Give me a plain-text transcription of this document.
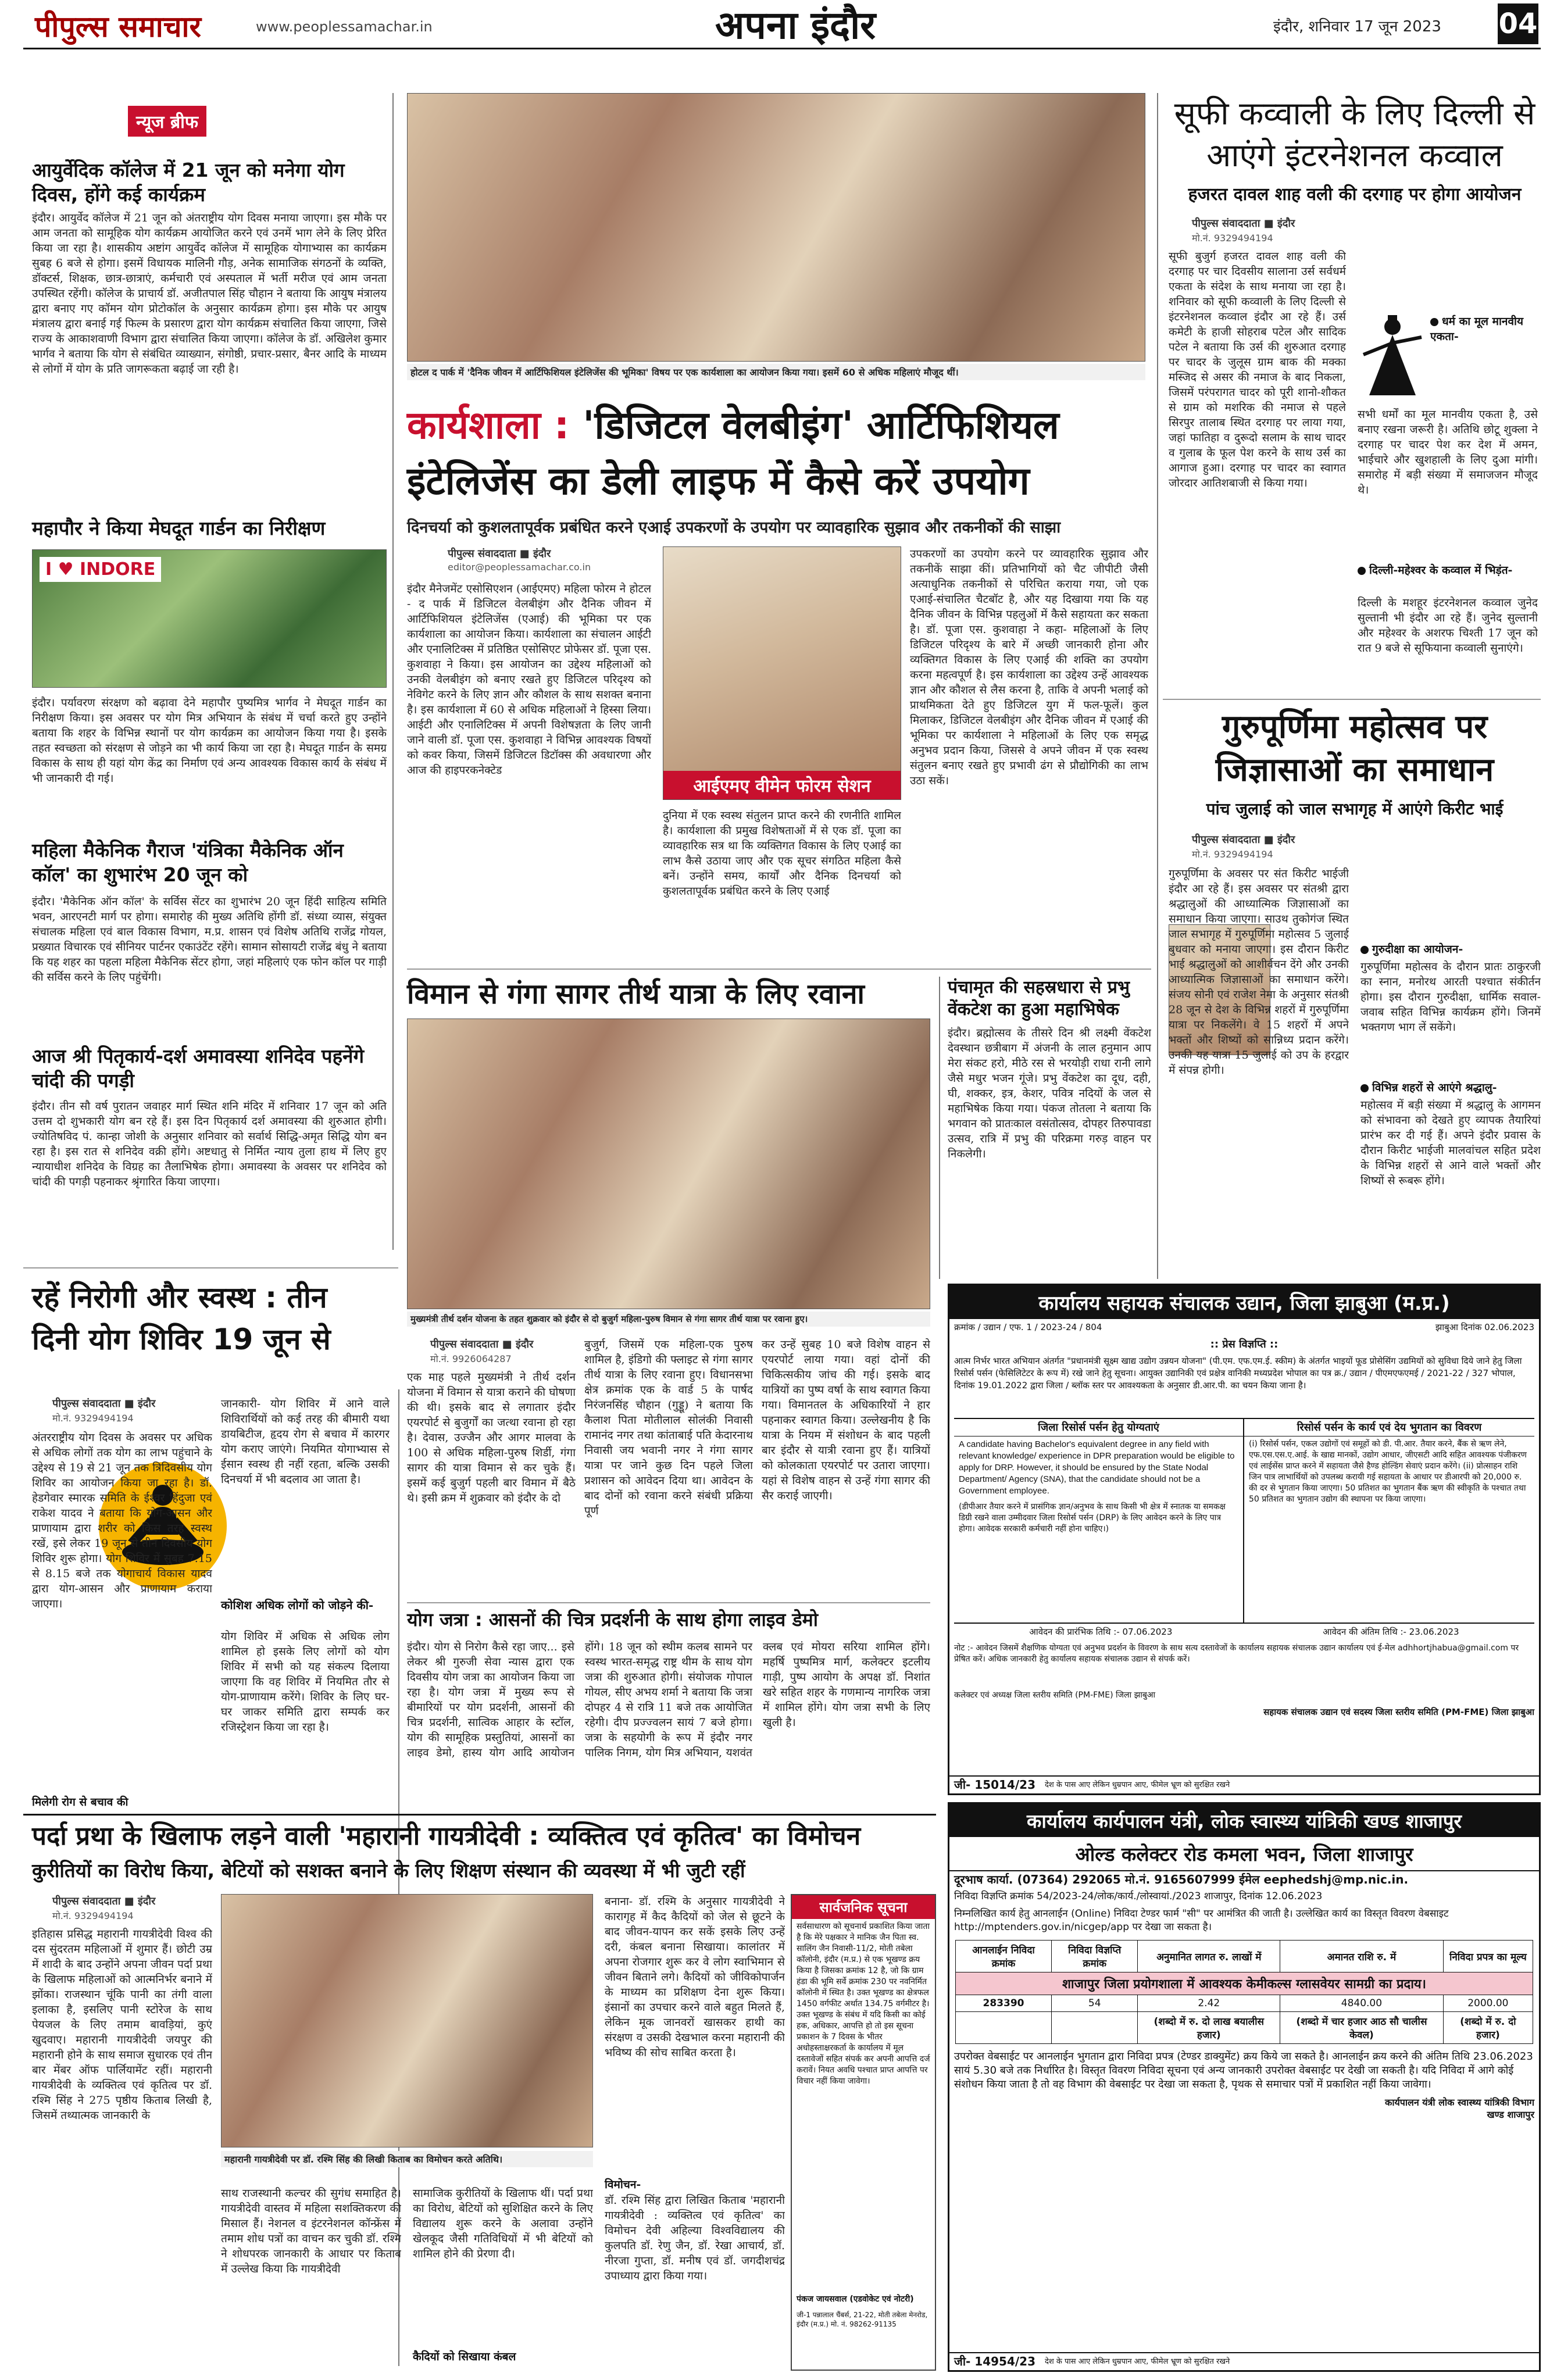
पीपुल्स समाचार	www.peoplessamachar.in	अपना इंदौर	इंदौर, शनिवार 17 जून 2023 04
न्यूज ब्रीफ
आयुर्वेदिक कॉलेज में 21 जून को मनेगा योग दिवस, होंगे कई कार्यक्रम
इंदौर। आयुर्वेद कॉलेज में 21 जून को अंतराष्ट्रीय योग दिवस मनाया जाएगा। इस मौके पर आम जनता को सामूहिक योग कार्यक्रम आयोजित करने एवं उनमें भाग लेने के लिए प्रेरित किया जा रहा है। शासकीय अष्टांग आयुर्वेद कॉलेज में सामूहिक योगाभ्यास का कार्यक्रम सुबह 6 बजे से होगा। इसमें विधायक मालिनी गौड़, अनेक सामाजिक संगठनों के व्यक्ति, डॉक्टर्स, शिक्षक, छात्र-छात्राएं, कर्मचारी एवं अस्पताल में भर्ती मरीज एवं आम जनता उपस्थित रहेंगी। कॉलेज के प्राचार्य डॉ. अजीतपाल सिंह चौहान ने बताया कि आयुष मंत्रालय द्वारा बनाए गए कॉमन योग प्रोटोकॉल के अनुसार कार्यक्रम होगा। इस मौके पर आयुष मंत्रालय द्वारा बनाई गई फिल्म के प्रसारण द्वारा योग कार्यक्रम संचालित किया जाएगा, जिसे राज्य के आकाशवाणी विभाग द्वारा संचालित किया जाएगा। कॉलेज के डॉ. अखिलेश कुमार भार्गव ने बताया कि योग से संबंधित व्याख्यान, संगोष्ठी, प्रचार-प्रसार, बैनर आदि के माध्यम से लोगों में योग के प्रति जागरूकता बढ़ाई जा रही है।
महापौर ने किया मेघदूत गार्डन का निरीक्षण
I ♥ INDORE
इंदौर। पर्यावरण संरक्षण को बढ़ावा देने महापौर पुष्यमित्र भार्गव ने मेघदूत गार्डन का निरीक्षण किया। इस अवसर पर योग मित्र अभियान के संबंध में चर्चा करते हुए उन्होंने बताया कि शहर के विभिन्न स्थानों पर योग कार्यक्रम का आयोजन किया गया है। इसके तहत स्वच्छता को संरक्षण से जोड़ने का भी कार्य किया जा रहा है। मेघदूत गार्डन के समग्र विकास के साथ ही यहां योग केंद्र का निर्माण एवं अन्य आवश्यक विकास कार्य के संबंध में भी जानकारी दी गई।
महिला मैकेनिक गैराज 'यंत्रिका मैकेनिक ऑन कॉल' का शुभारंभ 20 जून को
इंदौर। 'मैकेनिक ऑन कॉल' के सर्विस सेंटर का शुभारंभ 20 जून हिंदी साहित्य समिति भवन, आरएनटी मार्ग पर होगा। समारोह की मुख्य अतिथि होंगी डॉ. संध्या व्यास, संयुक्त संचालक महिला एवं बाल विकास विभाग, म.प्र. शासन एवं विशेष अतिथि राजेंद्र गोयल, प्रख्यात विचारक एवं सीनियर पार्टनर एकाउंटेंट रहेंगे। सामान सोसायटी राजेंद्र बंधु ने बताया कि यह शहर का पहला महिला मैकेनिक सेंटर होगा, जहां महिलाएं एक फोन कॉल पर गाड़ी की सर्विस करने के लिए पहुंचेंगी।
आज श्री पितृकार्य-दर्श अमावस्या शनिदेव पहनेंगे चांदी की पगड़ी
इंदौर। तीन सौ वर्ष पुरातन जवाहर मार्ग स्थित शनि मंदिर में शनिवार 17 जून को अति उत्तम दो शुभकारी योग बन रहे हैं। इस दिन पितृकार्य दर्श अमावस्या की शुरुआत होगी। ज्योतिषविद पं. कान्हा जोशी के अनुसार शनिवार को सर्वार्थ सिद्धि-अमृत सिद्धि योग बन रहा है। इस रात से शनिदेव वक्री होंगे। अष्टधातु से निर्मित न्याय तुला हाथ में लिए हुए न्यायाधीश शनिदेव के विग्रह का तैलाभिषेक होगा। अमावस्या के अवसर पर शनिदेव को चांदी की पगड़ी पहनाकर श्रृंगारित किया जाएगा।
होटल द पार्क में 'दैनिक जीवन में आर्टिफिशियल इंटेलिजेंस की भूमिका' विषय पर एक कार्यशाला का आयोजन किया गया। इसमें 60 से अधिक महिलाएं मौजूद थीं।
कार्यशाला : 'डिजिटल वेलबीइंग' आर्टिफिशियल
इंटेलिजेंस का डेली लाइफ में कैसे करें उपयोग
दिनचर्या को कुशलतापूर्वक प्रबंधित करने एआई उपकरणों के उपयोग पर व्यावहारिक सुझाव और तकनीकों की साझा
पीपुल्स संवाददाता ■ इंदौर
editor@peoplessamachar.co.in
इंदौर मैनेजमेंट एसोसिएशन (आईएमए) महिला फोरम ने होटल - द पार्क में डिजिटल वेलबीइंग और दैनिक जीवन में आर्टिफिशियल इंटेलिजेंस (एआई) की भूमिका पर एक कार्यशाला का आयोजन किया। कार्यशाला का संचालन आईटी और एनालिटिक्स में प्रतिष्ठित एसोसिएट प्रोफेसर डॉ. पूजा एस. कुशवाहा ने किया। इस आयोजन का उद्देश्य महिलाओं को उनकी वेलबीइंग को बनाए रखते हुए डिजिटल परिदृश्य को नेविगेट करने के लिए ज्ञान और कौशल के साथ सशक्त बनाना है। इस कार्यशाला में 60 से अधिक महिलाओं ने हिस्सा लिया। आईटी और एनालिटिक्स में अपनी विशेषज्ञता के लिए जानी जाने वाली डॉ. पूजा एस. कुशवाहा ने विभिन्न आवश्यक विषयों को कवर किया, जिसमें डिजिटल डिटॉक्स की अवधारणा और आज की हाइपरकनेक्टेड
आईएमए वीमेन फोरम सेशन
दुनिया में एक स्वस्थ संतुलन प्राप्त करने की रणनीति शामिल है। कार्यशाला की प्रमुख विशेषताओं में से एक डॉ. पूजा का व्यावहारिक सत्र था कि व्यक्तिगत विकास के लिए एआई का लाभ कैसे उठाया जाए और एक सूचर संगठित महिला कैसे बनें। उन्होंने समय, कार्यों और दैनिक दिनचर्या को कुशलतापूर्वक प्रबंधित करने के लिए एआई
उपकरणों का उपयोग करने पर व्यावहारिक सुझाव और तकनीकें साझा कीं। प्रतिभागियों को चैट जीपीटी जैसी अत्याधुनिक तकनीकों से परिचित कराया गया, जो एक एआई-संचालित चैटबॉट है, और यह दिखाया गया कि यह दैनिक जीवन के विभिन्न पहलुओं में कैसे सहायता कर सकता है। डॉ. पूजा एस. कुशवाहा ने कहा- महिलाओं के लिए डिजिटल परिदृश्य के बारे में अच्छी जानकारी होना और व्यक्तिगत विकास के लिए एआई की शक्ति का उपयोग करना महत्वपूर्ण है। इस कार्यशाला का उद्देश्य उन्हें आवश्यक ज्ञान और कौशल से लैस करना है, ताकि वे अपनी भलाई को प्राथमिकता देते हुए डिजिटल युग में फल-फूलें। कुल मिलाकर, डिजिटल वेलबीइंग और दैनिक जीवन में एआई की भूमिका पर कार्यशाला ने महिलाओं के लिए एक समृद्ध अनुभव प्रदान किया, जिससे वे अपने जीवन में एक स्वस्थ संतुलन बनाए रखते हुए प्रभावी ढंग से प्रौद्योगिकी का लाभ उठा सकें।
सूफी कव्वाली के लिए दिल्ली से
आएंगे इंटरनेशनल कव्वाल
हजरत दावल शाह वली की दरगाह पर होगा आयोजन
पीपुल्स संवाददाता ■ इंदौर
मो.नं. 9329494194
सूफी बुजुर्ग हजरत दावल शाह वली की दरगाह पर चार दिवसीय सालाना उर्स सर्वधर्म एकता के संदेश के साथ मनाया जा रहा है। शनिवार को सूफी कव्वाली के लिए दिल्ली से इंटरनेशनल कव्वाल इंदौर आ रहे हैं। उर्स कमेटी के हाजी सोहराब पटेल और सादिक पटेल ने बताया कि उर्स की शुरुआत दरगाह पर चादर के जुलूस ग्राम बाक की मक्का मस्जिद से असर की नमाज के बाद निकला, जिसमें परंपरागत चादर को पूरी शानो-शौकत से ग्राम को मशरिक की नमाज से पहले सिरपुर तालाब स्थित दरगाह पर लाया गया, जहां फातिहा व दुरूदो सलाम के साथ चादर व गुलाब के फूल पेश करने के साथ उर्स का आगाज हुआ। दरगाह पर चादर का स्वागत जोरदार आतिशबाजी से किया गया।
धर्म का मूल मानवीय एकता-
सभी धर्मों का मूल मानवीय एकता है, उसे बनाए रखना जरूरी है। अतिथि छोटू शुक्ला ने दरगाह पर चादर पेश कर देश में अमन, भाईचारे और खुशहाली के लिए दुआ मांगी। समारोह में बड़ी संख्या में समाजजन मौजूद थे।
दिल्ली-महेश्वर के कव्वाल में भिड़ंत-
दिल्ली के मशहूर इंटरनेशनल कव्वाल जुनेद सुल्तानी भी इंदौर आ रहे हैं। जुनेद सुल्तानी और महेश्वर के अशरफ चिश्ती 17 जून को रात 9 बजे से सूफियाना कव्वाली सुनाएंगे।
गुरुपूर्णिमा महोत्सव पर
जिज्ञासाओं का समाधान
पांच जुलाई को जाल सभागृह में आएंगे किरीट भाई
पीपुल्स संवाददाता ■ इंदौर
मो.नं. 9329494194
गुरुपूर्णिमा के अवसर पर संत किरीट भाईजी इंदौर आ रहे हैं। इस अवसर पर संतश्री द्वारा श्रद्धालुओं की आध्यात्मिक जिज्ञासाओं का समाधान किया जाएगा। साउथ तुकोगंज स्थित जाल सभागृह में गुरुपूर्णिमा महोत्सव 5 जुलाई बुधवार को मनाया जाएगा। इस दौरान किरीट भाई श्रद्धालुओं को आशीर्वचन देंगे और उनकी आध्यात्मिक जिज्ञासाओं का समाधान करेंगे। संजय सोनी एवं राजेश नेमा के अनुसार संतश्री 28 जून से देश के विभिन्न शहरों में गुरुपूर्णिमा यात्रा पर निकलेंगे। वे 15 शहरों में अपने भक्तों और शिष्यों को सान्निध्य प्रदान करेंगे। उनकी यह यात्रा 15 जुलाई को उप के हरद्वार में संपन्न होगी।
गुरुदीक्षा का आयोजन-
गुरुपूर्णिमा महोत्सव के दौरान प्रातः ठाकुरजी का स्नान, मनोरथ आरती पश्चात संकीर्तन होगा। इस दौरान गुरुदीक्षा, धार्मिक सवाल-जवाब सहित विभिन्न कार्यक्रम होंगे। जिनमें भक्तगण भाग लें सकेंगे।
विभिन्न शहरों से आएंगे श्रद्धालु-
महोत्सव में बड़ी संख्या में श्रद्धालु के आगमन को संभावना को देखते हुए व्यापक तैयारियां प्रारंभ कर दी गई हैं। अपने इंदौर प्रवास के दौरान किरीट भाईजी मालवांचल सहित प्रदेश के विभिन्न शहरों से आने वाले भक्तों और शिष्यों से रूबरू होंगे।
विमान से गंगा सागर तीर्थ यात्रा के लिए रवाना
मुख्यमंत्री तीर्थ दर्शन योजना के तहत शुक्रवार को इंदौर से दो बुजुर्ग महिला-पुरुष विमान से गंगा सागर तीर्थ यात्रा पर रवाना हुए।
पीपुल्स संवाददाता ■ इंदौर
मो.नं. 9926064287
एक माह पहले मुख्यमंत्री ने तीर्थ दर्शन योजना में विमान से यात्रा कराने की घोषणा की थी। इसके बाद से लगातार इंदौर एयरपोर्ट से बुजुर्गों का जत्था रवाना हो रहा है। देवास, उज्जैन और आगर मालवा के 100 से अधिक महिला-पुरुष शिर्डी, गंगा सागर की यात्रा विमान से कर चुके हैं। इसमें कई बुजुर्ग पहली बार विमान में बैठे थे। इसी क्रम में शुक्रवार को इंदौर के दो
बुजुर्ग, जिसमें एक महिला-एक पुरुष शामिल है, इंडिगो की फ्लाइट से गंगा सागर तीर्थ यात्रा के लिए रवाना हुए। विधानसभा क्षेत्र क्रमांक एक के वार्ड 5 के पार्षद निरंजनसिंह चौहान (गुड्डू) ने बताया कि कैलाश पिता मोतीलाल सोलंकी निवासी रामानंद नगर तथा कांताबाई पति केदारनाथ निवासी जय भवानी नगर ने गंगा सागर यात्रा पर जाने कुछ दिन पहले जिला प्रशासन को आवेदन दिया था। आवेदन के बाद दोनों को रवाना करने संबंधी प्रक्रिया पूर्ण
कर उन्हें सुबह 10 बजे विशेष वाहन से एयरपोर्ट लाया गया। वहां दोनों की चिकित्सकीय जांच की गई। इसके बाद यात्रियों का पुष्प वर्षा के साथ स्वागत किया गया। विमानतल के अधिकारियों ने हार पहनाकर स्वागत किया। उल्लेखनीय है कि यात्रा के नियम में संशोधन के बाद पहली बार इंदौर से यात्री रवाना हुए हैं। यात्रियों को कोलकाता एयरपोर्ट पर उतारा जाएगा। यहां से विशेष वाहन से उन्हें गंगा सागर की सैर कराई जाएगी।
पंचामृत की सहस्रधारा से प्रभु वेंकटेश का हुआ महाभिषेक
इंदौर। ब्रह्मोत्सव के तीसरे दिन श्री लक्ष्मी वेंकटेश देवस्थान छत्रीबाग में अंजनी के लाल हनुमान आप मेरा संकट हरो, मीठे रस से भरयोड़ी राधा रानी लागे जैसे मधुर भजन गूंजे। प्रभु वेंकटेश का दूध, दही, घी, शक्कर, इत्र, केशर, पवित्र नदियों के जल से महाभिषेक किया गया। पंकज तोतला ने बताया कि भगवान को प्रातःकाल वसंतोत्सव, दोपहर तिरुपावडा उत्सव, रात्रि में प्रभु की परिक्रमा गरुड़ वाहन पर निकलेगी।
रहें निरोगी और स्वस्थ : तीन
दिनी योग शिविर 19 जून से
पीपुल्स संवाददाता ■ इंदौर
मो.नं. 9329494194
अंतरराष्ट्रीय योग दिवस के अवसर पर अधिक से अधिक लोगों तक योग का लाभ पहुंचाने के उद्देश्य से 19 से 21 जून तक त्रिदिवसीय योग शिविर का आयोजन किया जा रहा है। डॉ. हेडगेवार स्मारक समिति के ईश्वर हिंदुजा एवं राकेश यादव ने बताया कि योग-आसन और प्राणायाम द्वारा शरीर को किस तरह स्वस्थ रखें, इसे लेकर 19 जून से तीन दिवसीय योग शिविर शुरू होगा। योग शिविर में सुबह 7.15 से 8.15 बजे तक योगाचार्य विकास यादव द्वारा योग-आसन और प्राणायाम कराया जाएगा।
मिलेगी रोग से बचाव की
जानकारी- योग शिविर में आने वाले शिविरार्थियों को कई तरह की बीमारी यथा डायबिटीज, हृदय रोग से बचाव में कारगर योग कराए जाएंगे। नियमित योगाभ्यास से ईसान स्वस्थ ही नहीं रहता, बल्कि उसकी दिनचर्या में भी बदलाव आ जाता है।
कोशिश अधिक लोगों को जोड़ने की-
योग शिविर में अधिक से अधिक लोग शामिल हो इसके लिए लोगों को योग शिविर में सभी को यह संकल्प दिलाया जाएगा कि वह शिविर में नियमित तौर से योग-प्राणायाम करेंगे। शिविर के लिए घर-घर जाकर समिति द्वारा सम्पर्क कर रजिस्ट्रेशन किया जा रहा है।
योग जत्रा : आसनों की चित्र प्रदर्शनी के साथ होगा लाइव डेमो
इंदौर। योग से निरोग कैसे रहा जाए... इसे लेकर श्री गुरुजी सेवा न्यास द्वारा एक दिवसीय योग जत्रा का आयोजन किया जा रहा है। योग जत्रा में मुख्य रूप से बीमारियों पर योग प्रदर्शनी, आसनों की चित्र प्रदर्शनी, सात्विक आहार के स्टॉल, योग की सामूहिक प्रस्तुतियां, आसनों का लाइव डेमो, हास्य योग आदि आयोजन होंगे। 18 जून को स्थीम कलब सामने पर स्वस्थ भारत-समृद्ध राष्ट्र थीम के साथ योग जत्रा की शुरुआत होगी। संयोजक गोपाल गोयल, सीए अभय शर्मा ने बताया कि जत्रा दोपहर 4 से रात्रि 11 बजे तक आयोजित रहेगी। दीप प्रज्ज्वलन सायं 7 बजे होगा। जत्रा के सहयोगी के रूप में इंदौर नगर पालिक निगम, योग मित्र अभियान, यशवंत क्लब एवं मोयरा सरिया शामिल होंगे। महर्षि पुष्पमित्र मार्ग, कलेक्टर इटलीय गाड़ी, पुष्प आयोग के अपक्ष डॉ. निशांत खरे सहित शहर के गणमान्य नागरिक जत्रा में शामिल होंगे। योग जत्रा सभी के लिए खुली है।
पर्दा प्रथा के खिलाफ लड़ने वाली 'महारानी गायत्रीदेवी : व्यक्तित्व एवं कृतित्व' का विमोचन
कुरीतियों का विरोध किया, बेटियों को सशक्त बनाने के लिए शिक्षण संस्थान की व्यवस्था में भी जुटी रहीं
पीपुल्स संवाददाता ■ इंदौर
मो.नं. 9329494194
इतिहास प्रसिद्ध महारानी गायत्रीदेवी विश्व की दस सुंदरतम महिलाओं में शुमार हैं। छोटी उम्र में शादी के बाद उन्होंने अपना जीवन पर्दा प्रथा के खिलाफ महिलाओं को आत्मनिर्भर बनाने में झोंका। राजस्थान चूंकि पानी का तंगी वाला इलाका है, इसलिए पानी स्टोरेज के साथ पेयजल के लिए तमाम बावड़ियां, कुएं खुदवाए। महारानी गायत्रीदेवी जयपुर की महारानी होने के साथ समाज सुधारक एवं तीन बार मेंबर ऑफ पार्लियामेंट रहीं। महारानी गायत्रीदेवी के व्यक्तित्व एवं कृतित्व पर डॉ. रश्मि सिंह ने 275 पृष्ठीय किताब लिखी है, जिसमें तथ्यात्मक जानकारी के
महारानी गायत्रीदेवी पर डॉ. रश्मि सिंह की लिखी किताब का विमोचन करते अतिथि।
साथ राजस्थानी कल्चर की सुगंध समाहित है। गायत्रीदेवी वास्तव में महिला सशक्तिकरण की मिसाल हैं। नेशनल व इंटरनेशनल कॉन्फ्रेंस में तमाम शोध पत्रों का वाचन कर चुकी डॉ. रश्मि ने शोधपरक जानकारी के आधार पर किताब में उल्लेख किया कि गायत्रीदेवी
सामाजिक कुरीतियों के खिलाफ थीं। पर्दा प्रथा का विरोध, बेटियों को सुशिक्षित करने के लिए विद्यालय शुरू करने के अलावा उन्होंने खेलकूद जैसी गतिविधियों में भी बेटियों को शामिल होने की प्रेरणा दी।
कैदियों को सिखाया कंबल
बनाना- डॉ. रश्मि के अनुसार गायत्रीदेवी ने कारागृह में कैद कैदियों को जेल से छूटने के बाद जीवन-यापन कर सकें इसके लिए उन्हें दरी, कंबल बनाना सिखाया। कालांतर में अपना रोजगार शुरू कर वे लोग स्वाभिमान से जीवन बिताने लगे। कैदियों को जीविकोपार्जन के माध्यम का प्रशिक्षण देना शुरू किया। इंसानों का उपचार करने वाले बहुत मिलते हैं, लेकिन मूक जानवरों खासकर हाथी का संरक्षण व उसकी देखभाल करना महारानी की भविष्य की सोच साबित करता है।
विमोचन-
डॉ. रश्मि सिंह द्वारा लिखित किताब 'महारानी गायत्रीदेवी : व्यक्तित्व एवं कृतित्व' का विमोचन देवी अहिल्या विश्वविद्यालय की कुलपति डॉ. रेणु जैन, डॉ. रेखा आचार्य, डॉ. नीरजा गुप्ता, डॉ. मनीष एवं डॉ. जगदीशचंद्र उपाध्याय द्वारा किया गया।
सार्वजनिक सूचना
सर्वसाधारण को सूचनार्थ प्रकाशित किया जाता है कि मेरे पक्षकार ने मानिक जैन पिता स्व. सालिंग जैन निवासी-11/2, मोती तबेला कॉलोनी, इंदौर (म.प्र.) से एक भूखण्ड क्रय किया है जिसका क्रमांक 12 है, जो कि ग्राम हंडा की भूमि सर्वे क्रमांक 230 पर नवनिर्मित कॉलोनी में स्थित है। उक्त भूखण्ड का क्षेत्रफल 1450 वर्गफीट अर्थात 134.75 वर्गमीटर है। उक्त भूखण्ड के संबंध में यदि किसी का कोई हक, अधिकार, आपत्ति हो तो इस सूचना प्रकाशन के 7 दिवस के भीतर अधोहस्ताक्षरकर्ता के कार्यालय में मूल दस्तावेजों सहित संपर्क कर अपनी आपत्ति दर्ज करावें। नियत अवधि पश्चात प्राप्त आपत्ति पर विचार नहीं किया जावेगा।
पंकज जायसवाल (एडवोकेट एवं नोटरी)
जी-1 पन्नालाल चैंबर्स, 21-22, मोती तबेला मेनरोड, इंदौर (म.प्र.) मो. नं. 98262-91135
कार्यालय सहायक संचालक उद्यान, जिला झाबुआ (म.प्र.)
क्रमांक / उद्यान / एफ. 1 / 2023-24 / 804	झाबुआ दिनांक 02.06.2023
:: प्रेस विज्ञप्ति ::
आत्म निर्भर भारत अभियान अंतर्गत "प्रधानमंत्री सूक्ष्म खाद्य उद्योग उन्नयन योजना" (पी.एम. एफ.एम.ई. स्कीम) के अंतर्गत भाइयों फूड प्रोसेसिंग उद्यमियों को सुविधा दिये जाने हेतु जिला रिसोर्स पर्सन (फेसिलिटेटर के रूप में) रखे जाने हेतु सूचना। आयुक्त उद्यानिकी एवं प्रक्षेत्र वानिकी मध्यप्रदेश भोपाल का पत्र क्र./ उद्यान / पीएमएफएमई / 2021-22 / 327 भोपाल, दिनांक 19.01.2022 द्वारा जिला / ब्लॉक स्तर पर आवश्यकता के अनुसार डी.आर.पी. का चयन किया जाना है।
जिला रिसोर्स पर्सन हेतु योग्यताएं
A candidate having Bachelor's equivalent degree in any field with relevant knowledge/ experience in DPR preparation would be eligible to apply for DRP. However, it should be ensured by the State Nodal Department/ Agency (SNA), that the candidate should not be a Government employee.
(डीपीआर तैयार करने में प्रासंगिक ज्ञान/अनुभव के साथ किसी भी क्षेत्र में स्नातक या समकक्ष डिग्री रखने वाला उम्मीदवार जिला रिसोर्स पर्सन (DRP) के लिए आवेदन करने के लिए पात्र होगा। आवेदक सरकारी कर्मचारी नहीं होना चाहिए।)
रिसोर्स पर्सन के कार्य एवं देय भुगतान का विवरण
(i) रिसोर्स पर्सन, एकल उद्योगों एवं समूहों को डी. पी.आर. तैयार करने, बैंक से ऋण लेने, एफ.एस.एस.ए.आई. के खाद्य मानकों, उद्योग आधार, जीएसटी आदि सहित आवश्यक पंजीकरण एवं लाईसेंस प्राप्त करने में सहायता जैसे हैण्ड होल्डिंग सेवाएं प्रदान करेंगे। (ii) प्रोत्साहन राशि जिन पात्र लाभार्थियों को उपलब्ध करायी गई सहायता के आधार पर डीआरपी को 20,000 रु. की दर से भुगतान किया जाएगा। 50 प्रतिशत का भुगतान बैंक ऋण की स्वीकृति के पश्चात तथा 50 प्रतिशत का भुगतान उद्योग की स्थापना पर किया जाएगा।
आवेदन की प्रारंभिक तिथि :- 07.06.2023	आवेदन की अंतिम तिथि :- 23.06.2023
नोट :- आवेदन जिसमें शैक्षणिक योग्यता एवं अनुभव प्रदर्शन के विवरण के साथ सत्य दस्तावेजों के कार्यालय सहायक संचालक उद्यान कार्यालय एवं ई-मेल adhhortjhabua@gmail.com पर प्रेषित करें। अधिक जानकारी हेतु कार्यालय सहायक संचालक उद्यान से संपर्क करें।
कलेक्टर एवं अध्यक्ष जिला स्तरीय समिति (PM-FME) जिला झाबुआ
सहायक संचालक उद्यान एवं सदस्य जिला स्तरीय समिति (PM-FME) जिला झाबुआ
जी- 15014/23	देश के पास आए लेकिन धुम्रपान आए, फीमेल भ्रूण को सुरक्षित रखने
कार्यालय कार्यपालन यंत्री, लोक स्वास्थ्य यांत्रिकी खण्ड शाजापुर
ओल्ड कलेक्टर रोड कमला भवन, जिला शाजापुर
दूरभाष कार्या. (07364) 292065 मो.नं. 9165607999 ईमेल eephedshj@mp.nic.in.
निविदा विज्ञप्ति क्रमांक 54/2023-24/लोक/कार्य./लोस्वायां./2023 शाजापुर, दिनांक 12.06.2023
निम्नलिखित कार्य हेतु आनलाईन (Online) निविदा टेण्डर फार्म "सी" पर आमंत्रित की जाती है। उल्लेखित कार्य का विस्तृत विवरण वेबसाइट http://mptenders.gov.in/nicgep/app पर देखा जा सकता है।
आनलाईन निविदा क्रमांक	निविदा विज्ञप्ति क्रमांक	अनुमानित लागत रु. लाखों में	अमानत राशि रु. में	निविदा प्रपत्र का मूल्य
शाजापुर जिला प्रयोगशाला में आवश्यक केमीकल्स ग्लासवेयर सामग्री का प्रदाय।				
283390	54	2.42	4840.00	2000.00
		(शब्दो में रु. दो लाख बयालीस हजार)	(शब्दो में चार हजार आठ सौ चालीस केवल)	(शब्दो में रु. दो हजार)
उपरोक्त वेबसाईट पर आनलाईन भुगतान द्वारा निविदा प्रपत्र (टेण्डर डाक्युमेंट) क्रय किये जा सकते है। आनलाईन क्रय करने की अंतिम तिथि 23.06.2023 सायं 5.30 बजे तक निर्धारित है। विस्तृत विवरण निविदा सूचना एवं अन्य जानकारी उपरोक्त वेबसाईट पर देखी जा सकती है। यदि निविदा में आगे कोई संशोधन किया जाता है तो वह विभाग की वेबसाईट पर देखा जा सकता है, पृथक से समाचार पत्रों में प्रकाशित नहीं किया जावेगा।
कार्यपालन यंत्री लोक स्वास्थ्य यांत्रिकी विभाग खण्ड शाजापुर
जी- 14954/23	देश के पास आए लेकिन धुम्रपान आए, फीमेल भ्रूण को सुरक्षित रखने
